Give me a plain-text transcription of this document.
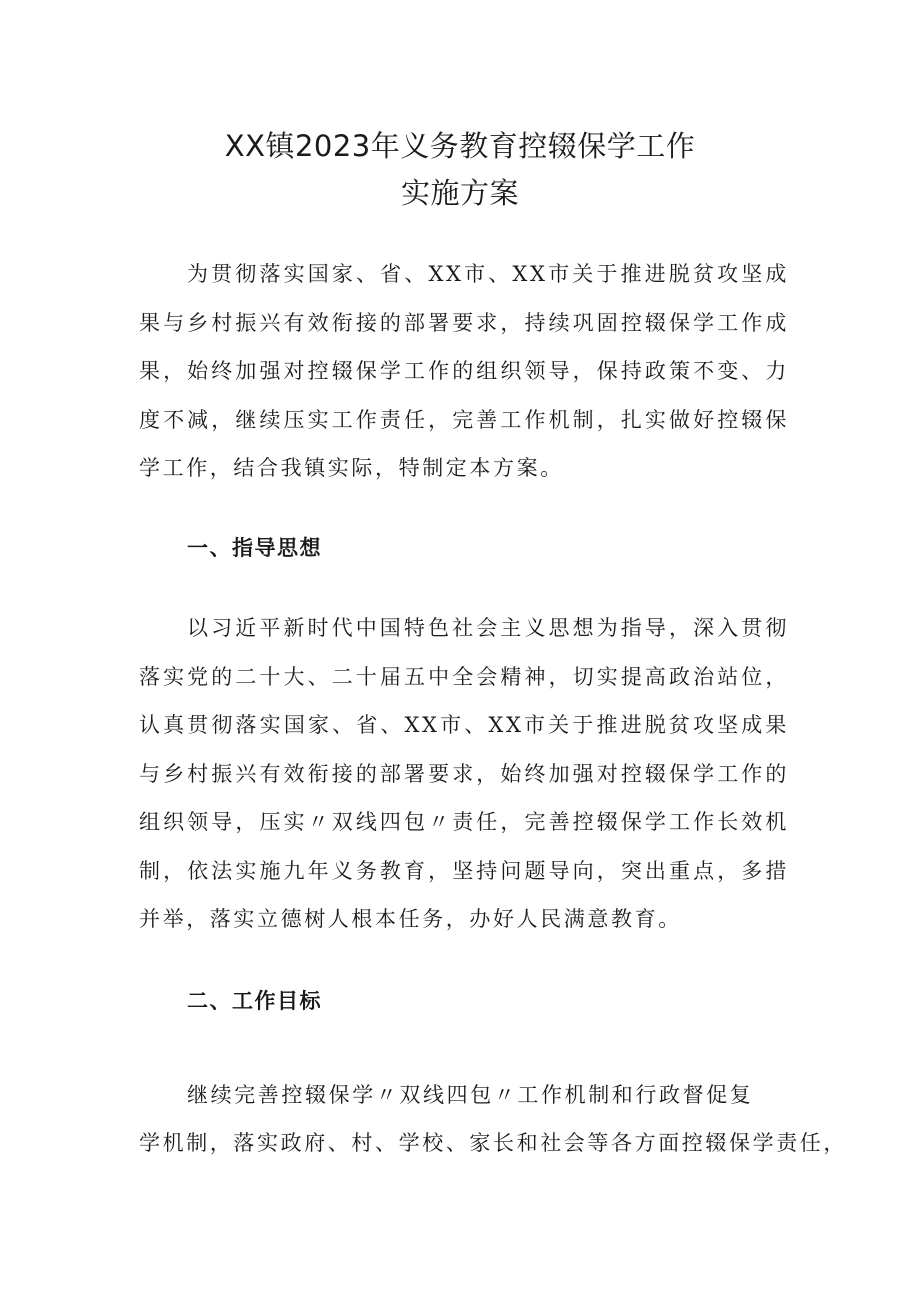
XX镇2023年义务教育控辍保学工作
实施方案

为贯彻落实国家、省、XX市、XX市关于推进脱贫攻坚成果与乡村振兴有效衔接的部署要求，持续巩固控辍保学工作成果，始终加强对控辍保学工作的组织领导，保持政策不变、力度不减，继续压实工作责任，完善工作机制，扎实做好控辍保学工作，结合我镇实际，特制定本方案。

一、指导思想

以习近平新时代中国特色社会主义思想为指导，深入贯彻落实党的二十大、二十届五中全会精神，切实提高政治站位，认真贯彻落实国家、省、XX市、XX市关于推进脱贫攻坚成果与乡村振兴有效衔接的部署要求，始终加强对控辍保学工作的组织领导，压实〃双线四包〃责任，完善控辍保学工作长效机制，依法实施九年义务教育，坚持问题导向，突出重点，多措并举，落实立德树人根本任务，办好人民满意教育。

二、工作目标

继续完善控辍保学〃双线四包〃工作机制和行政督促复

学机制，落实政府、村、学校、家长和社会等各方面控辍保学责任，
